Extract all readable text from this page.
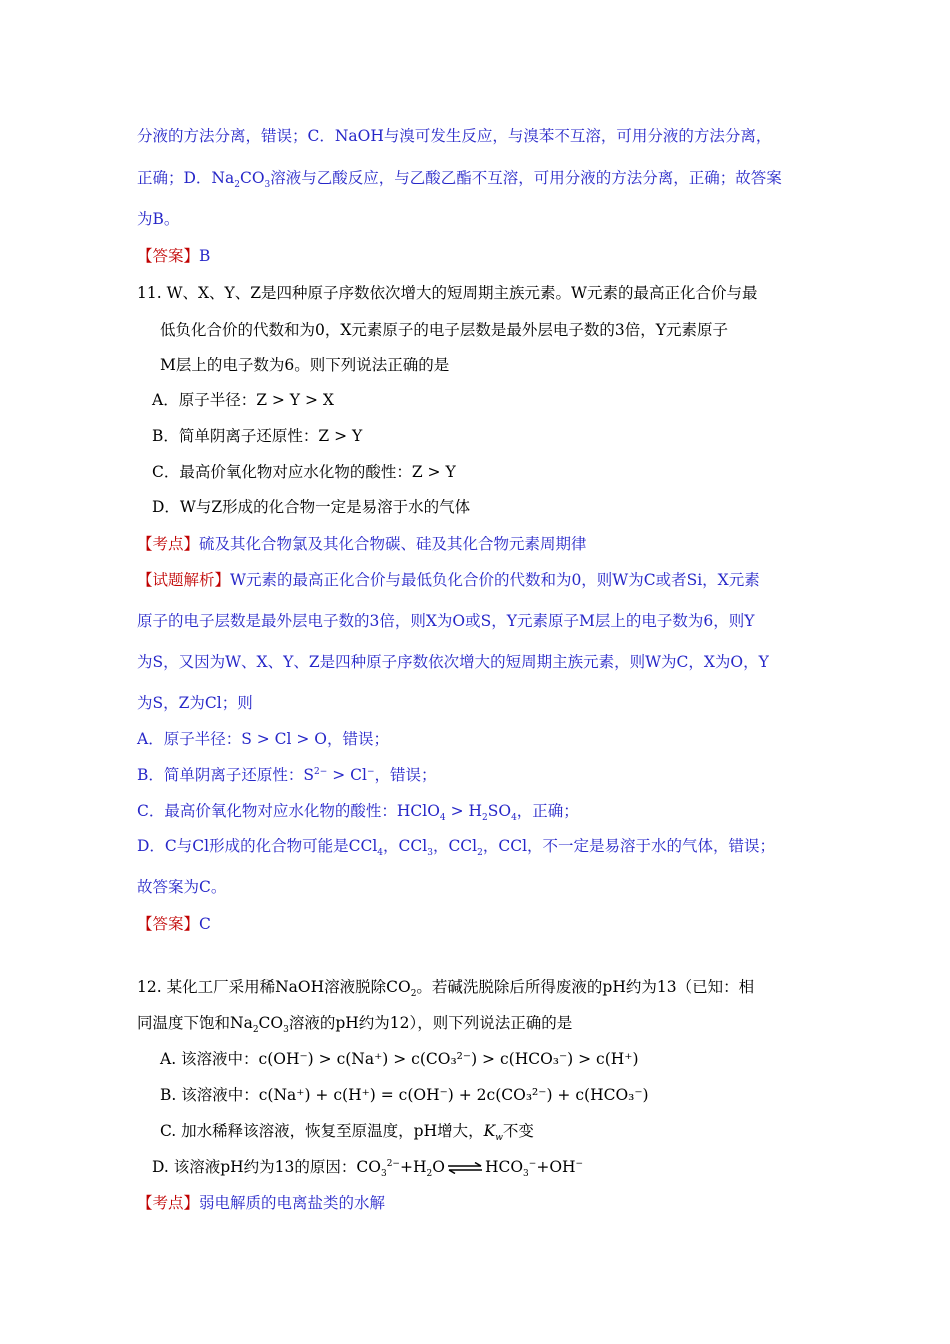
分液的方法分离，错误；C．NaOH与溴可发生反应，与溴苯不互溶，可用分液的方法分离，
正确；D．$Na_2CO_3$溶液与乙酸反应，与乙酸乙酯不互溶，可用分液的方法分离，正确；故答案
为B。
【答案】B
11. W、X、Y、Z是四种原子序数依次增大的短周期主族元素。W元素的最高正化合价与最
低负化合价的代数和为0，X元素原子的电子层数是最外层电子数的3倍，Y元素原子
M层上的电子数为6。则下列说法正确的是
A．原子半径：Z > Y > X
B．简单阴离子还原性：Z > Y
C．最高价氧化物对应水化物的酸性：Z > Y
D．W与Z形成的化合物一定是易溶于水的气体
【考点】硫及其化合物氯及其化合物碳、硅及其化合物元素周期律
【试题解析】W元素的最高正化合价与最低负化合价的代数和为0，则W为C或者Si，X元素
原子的电子层数是最外层电子数的3倍，则X为O或S，Y元素原子M层上的电子数为6，则Y
为S，又因为W、X、Y、Z是四种原子序数依次增大的短周期主族元素，则W为C，X为O，Y
为S，Z为Cl；则
A．原子半径：S > Cl > O，错误；
B．简单阴离子还原性：$S^{2-} > Cl^-$，错误；
C．最高价氧化物对应水化物的酸性：HClO$_4$ > $H_2SO_4$，正确；
D．C与Cl形成的化合物可能是CCl$_4$，CCl$_3$，CCl$_2$，CCl，不一定是易溶于水的气体，错误；
故答案为C。
【答案】C
12. 某化工厂采用稀NaOH溶液脱除$CO_2$。若碱洗脱除后所得废液的pH约为13（已知：相
同温度下饱和$Na_2CO_3$溶液的pH约为12），则下列说法正确的是
A. 该溶液中：c(OH⁻) > c(Na⁺) > c(CO₃²⁻) > c(HCO₃⁻) > c(H⁺)
B. 该溶液中：c(Na⁺) + c(H⁺) = c(OH⁻) + 2c(CO₃²⁻) + c(HCO₃⁻)
C. 加水稀释该溶液，恢复至原温度，pH增大，$K_w$不变
D. 该溶液pH约为13的原因：$CO_3^{2-}+H_2O$ ⇌ $HCO_3^-+OH^-$
【考点】弱电解质的电离盐类的水解
